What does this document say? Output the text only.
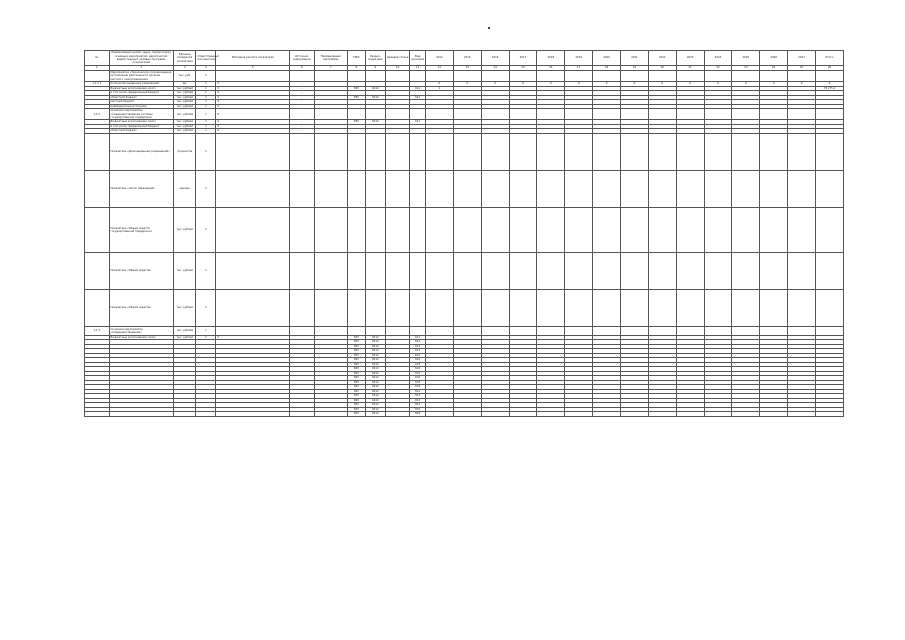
№	Наименование целей, задач, подпрограмм, основных мероприятий, мероприятий, ведомственных целевых программ, показателей	Единица измерения показателя	Ответственный исполнитель	Методика расчета показателя	Источник информации	Наименование программы	ГРБС	Раздел, подраздел	Целевая статья	Вид расходов	2014	2015	2016	2017	2018	2019	2020	2021	2022	2023	2024	2025	2026	2027	Итого
1	2	3	4	5	6	7	8	9	10	11	12	13	14	15	16	17	18	19	20	21	22	23	24	25	26
	Мероприятие «Техническое сопровождение организации деятельности органов местного самоуправления»	тыс. руб.	1																						
1.1.1.1	Количество выданных разрешений	ед.	1	0	-						0	0	0	0	0	0	0	0	0	0	0	0	0	0	0
	Бюджетные ассигнования, всего	тыс. рублей	1	0	-		845	0412		611	1														78 175,2
	в том числе: федеральный бюджет	тыс. рублей	1	0	-																				
	областной бюджет	тыс. рублей	1	0	-		845	0412		612															
	местный бюджет	тыс. рублей	1	0	-																				
	внебюджетные источники	тыс. рублей	1	0	-																				
1.1.2	Основное мероприятие «Совершенствование системы государственной поддержки»	тыс. рублей	1	0	-																				
	Бюджетные ассигнования, всего	тыс. рублей	1	0	-		845	0412		611															
	в том числе: федеральный бюджет	тыс. рублей	1	0	-																				
	областной бюджет	тыс. рублей	1	0	-																				
	Показатель «Доля выданных разрешений»	процентов	1																						
	Показатель «Число обращений»	единиц	1																						
	Показатель «Объем средств государственной поддержки»	тыс. рублей	1																						
	Показатель «Объем средств»	тыс. рублей	1																						
	Показатель «Объем средств»	тыс. рублей	1																						
1.1.3	Основное мероприятие «Совершенствование»	тыс. рублей	1																						
	Бюджетные ассигнования, всего	тыс. рублей	1	0	-		845	0412		611															
							845	0412		612															
							845	0412		613															
							845	0412		614															
							845	0412		621															
							845	0412		622															
							845	0412		623															
							845	0412		624															
							845	0412		631															
							845	0412		632															
							845	0412		633															
							845	0412		634															
							845	0412		811															
							845	0412		812															
							845	0412		813															
							845	0412		814															
							845	0412		821															
							845	0412		822															
